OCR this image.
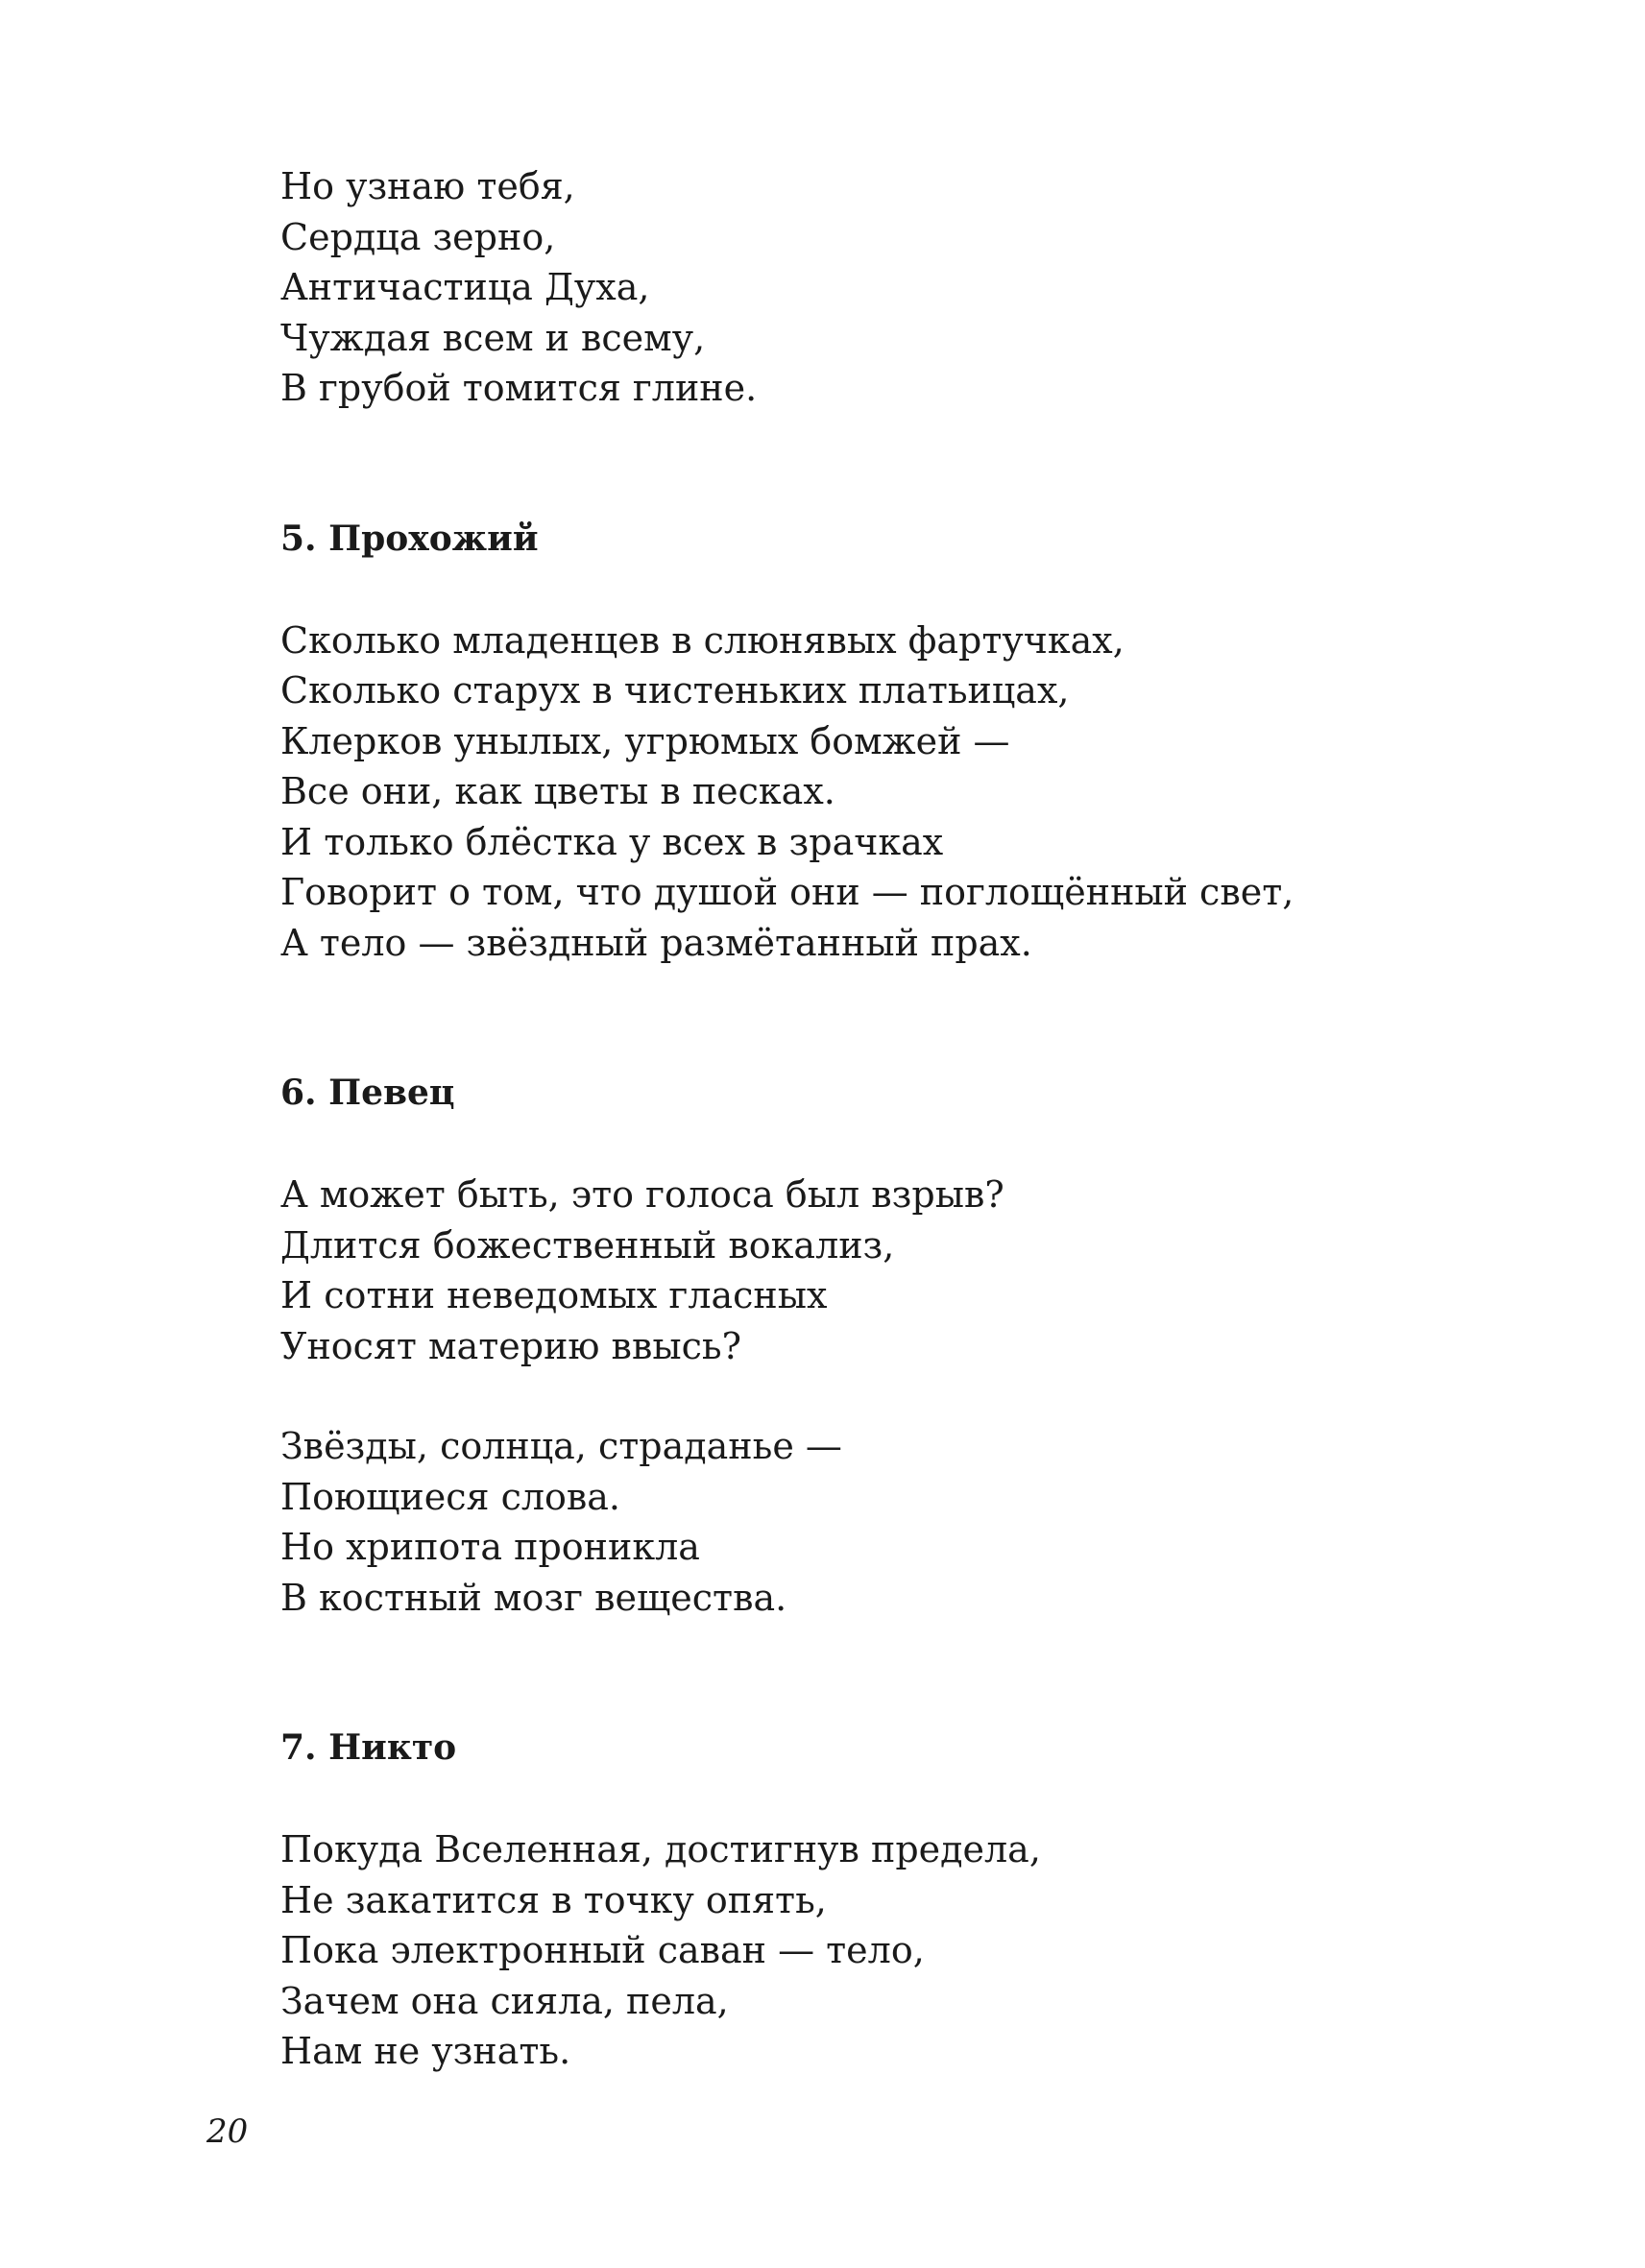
Но узнаю тебя,
Сердца зерно,
Античастица Духа,
Чуждая всем и всему,
В грубой томится глине.
5. Прохожий
Сколько младенцев в слюнявых фартучках,
Сколько старух в чистеньких платьицах,
Клерков унылых, угрюмых бомжей —
Все они, как цветы в песках.
И только блёстка у всех в зрачках
Говорит о том, что душой они — поглощённый свет,
А тело — звёздный размётанный прах.
6. Певец
А может быть, это голоса был взрыв?
Длится божественный вокализ,
И сотни неведомых гласных
Уносят материю ввысь?
Звёзды, солнца, страданье —
Поющиеся слова.
Но хрипота проникла
В костный мозг вещества.
7. Никто
Покуда Вселенная, достигнув предела,
Не закатится в точку опять,
Пока электронный саван — тело,
Зачем она сияла, пела,
Нам не узнать.
20
